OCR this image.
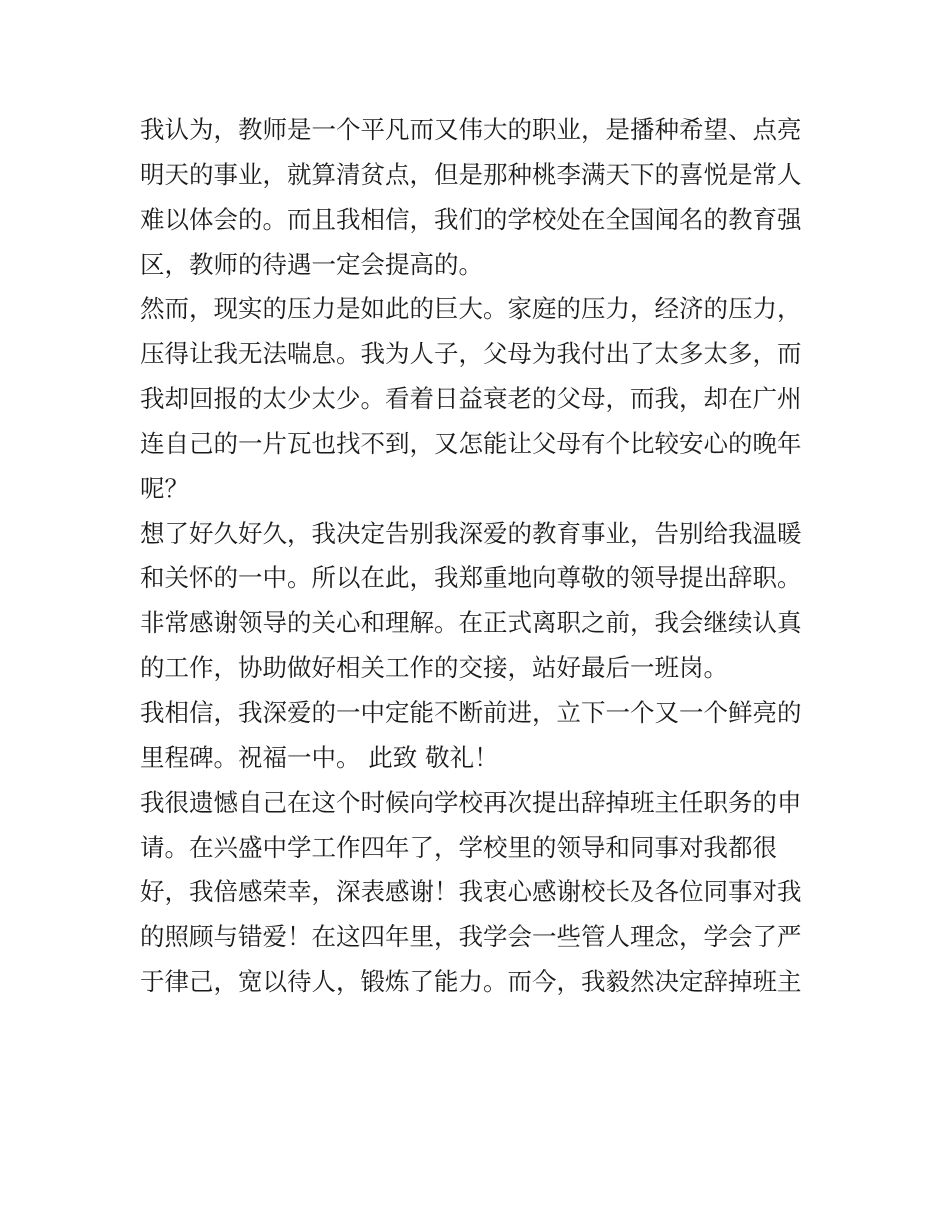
我认为，教师是一个平凡而又伟大的职业，是播种希望、点亮
明天的事业，就算清贫点，但是那种桃李满天下的喜悦是常人
难以体会的。而且我相信，我们的学校处在全国闻名的教育强
区，教师的待遇一定会提高的。
然而，现实的压力是如此的巨大。家庭的压力，经济的压力，
压得让我无法喘息。我为人子，父母为我付出了太多太多，而
我却回报的太少太少。看着日益衰老的父母，而我，却在广州
连自己的一片瓦也找不到，又怎能让父母有个比较安心的晚年
呢？
想了好久好久，我决定告别我深爱的教育事业，告别给我温暖
和关怀的一中。所以在此，我郑重地向尊敬的领导提出辞职。
非常感谢领导的关心和理解。在正式离职之前，我会继续认真
的工作，协助做好相关工作的交接，站好最后一班岗。
我相信，我深爱的一中定能不断前进，立下一个又一个鲜亮的
里程碑。祝福一中。 此致 敬礼！
我很遗憾自己在这个时候向学校再次提出辞掉班主任职务的申
请。在兴盛中学工作四年了，学校里的领导和同事对我都很
好，我倍感荣幸，深表感谢！我衷心感谢校长及各位同事对我
的照顾与错爱！在这四年里，我学会一些管人理念，学会了严
于律己，宽以待人，锻炼了能力。而今，我毅然决定辞掉班主
